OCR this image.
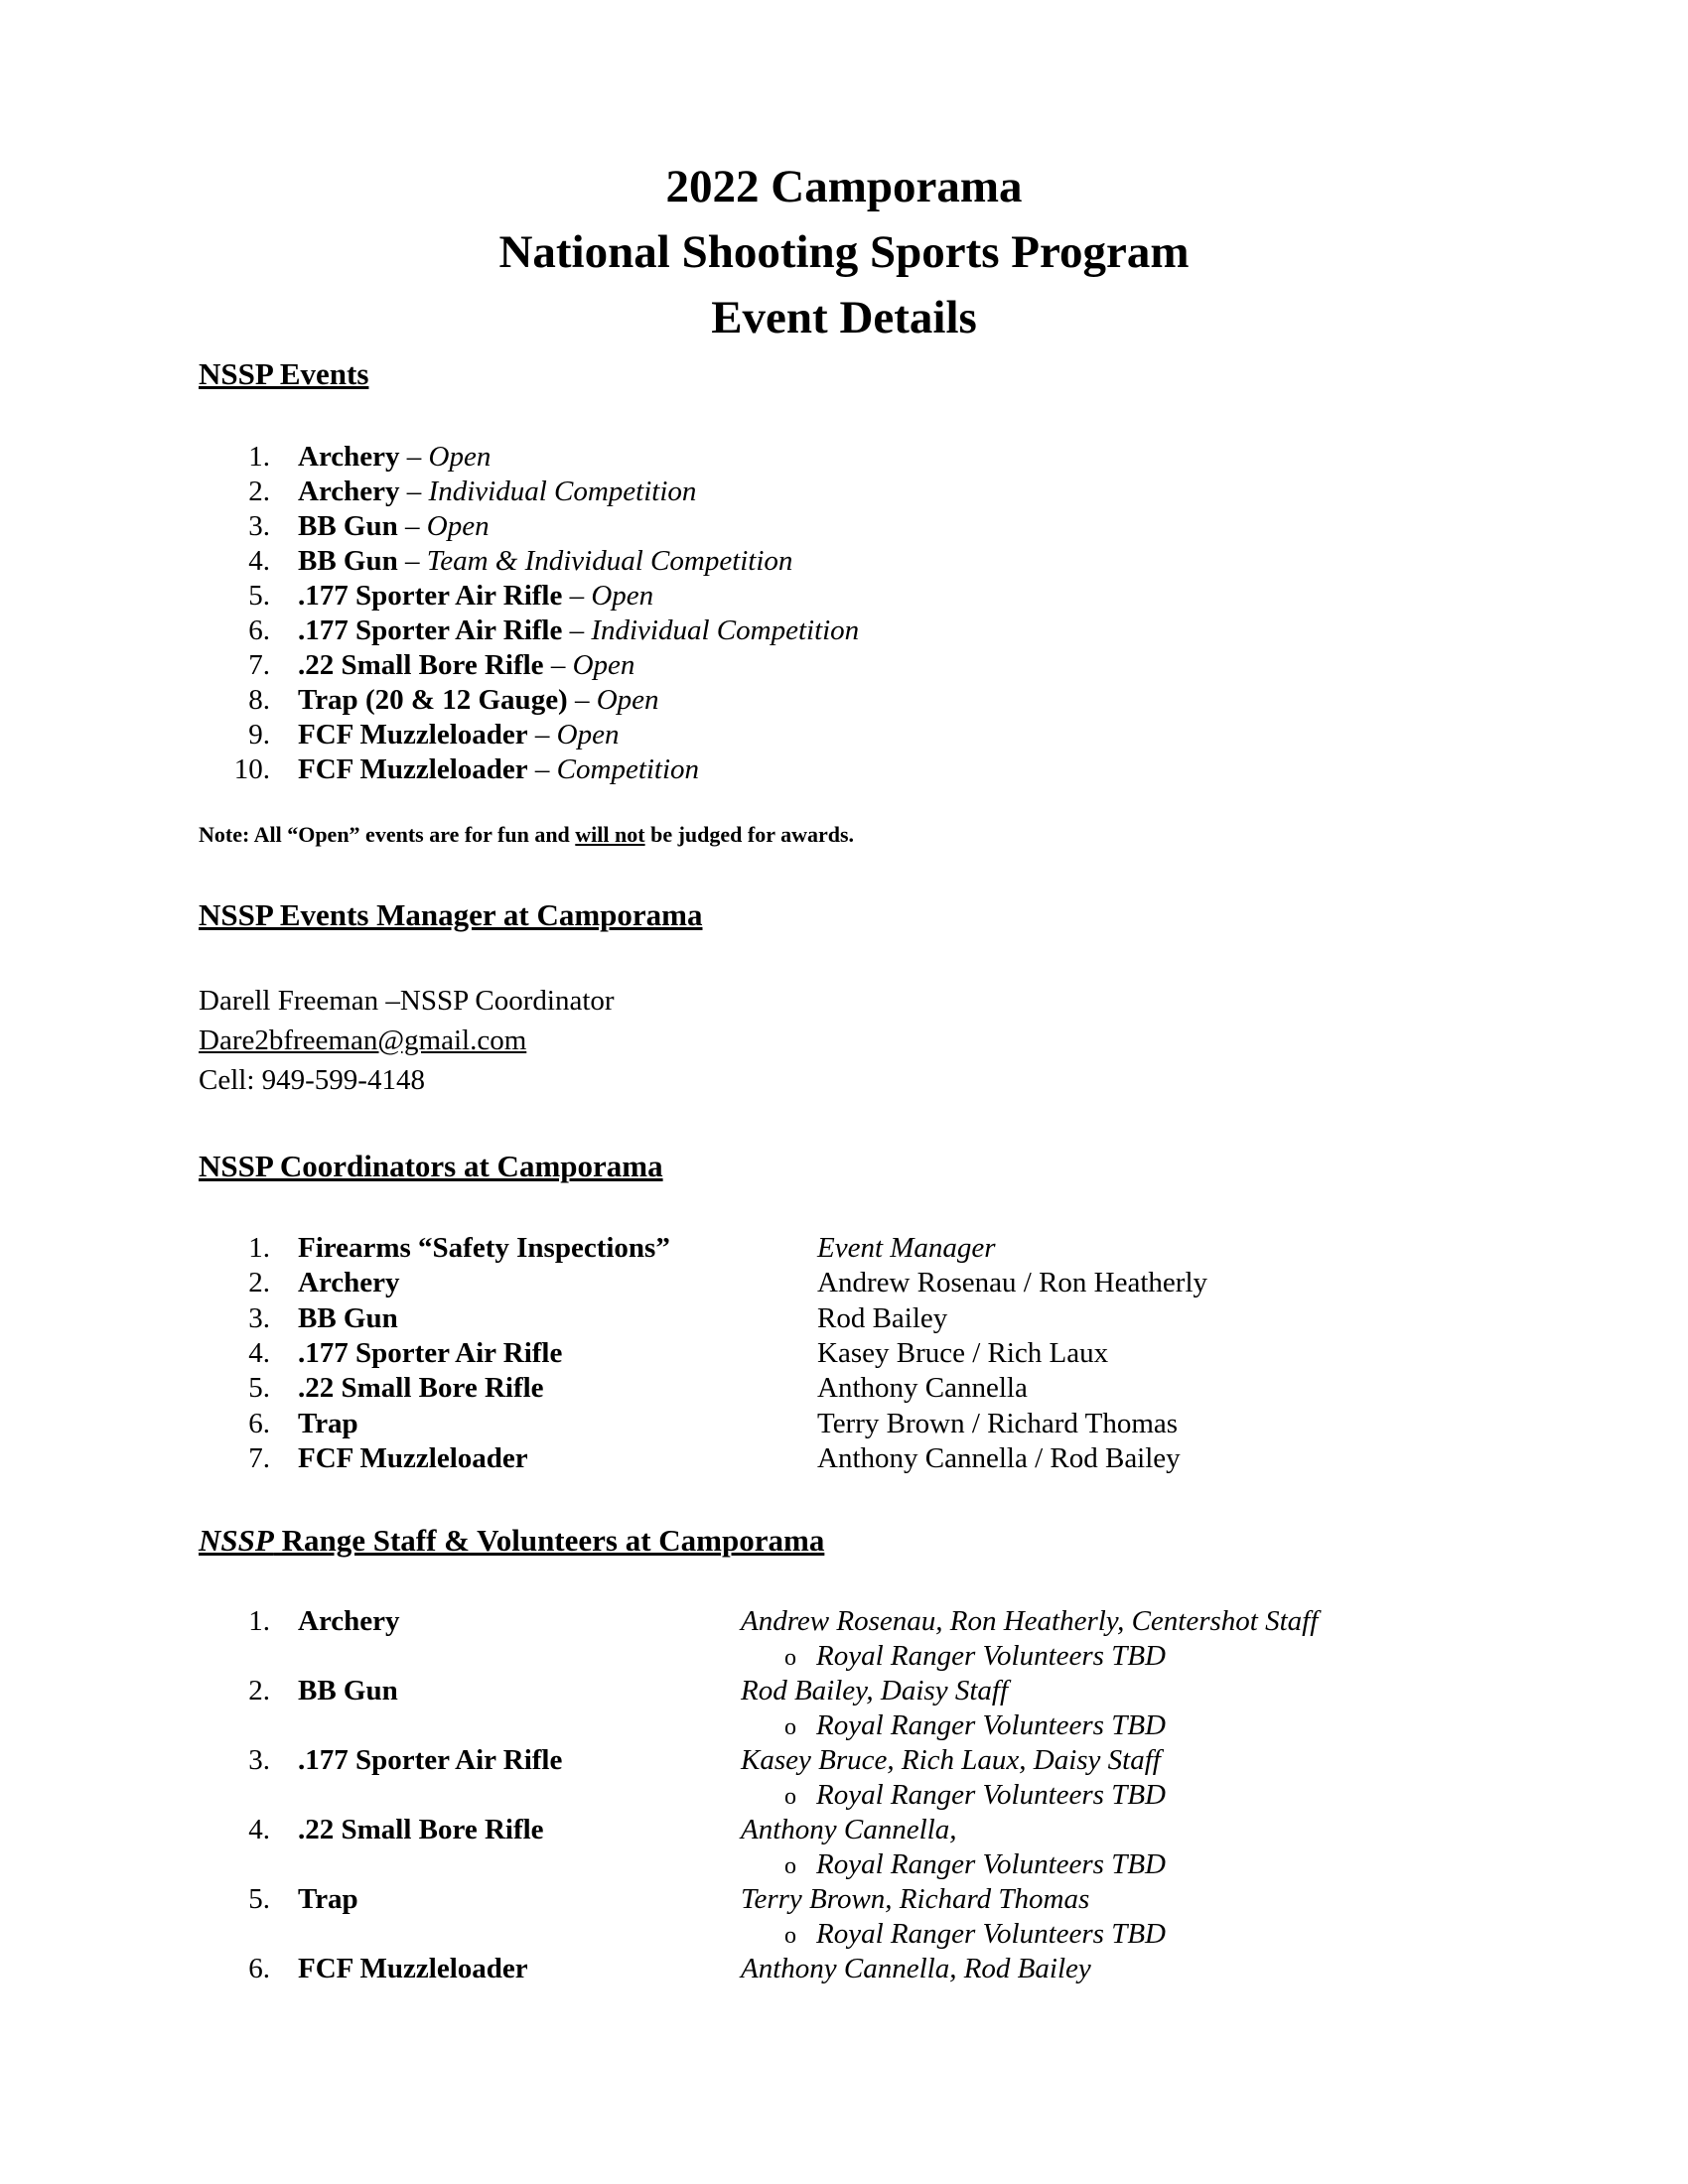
2022 Camporama
National Shooting Sports Program
Event Details
NSSP Events
1. Archery – Open
2. Archery – Individual Competition
3. BB Gun – Open
4. BB Gun – Team & Individual Competition
5. .177 Sporter Air Rifle – Open
6. .177 Sporter Air Rifle – Individual Competition
7. .22 Small Bore Rifle – Open
8. Trap (20 & 12 Gauge) – Open
9. FCF Muzzleloader – Open
10. FCF Muzzleloader – Competition
Note: All “Open” events are for fun and will not be judged for awards.
NSSP Events Manager at Camporama
Darell Freeman –NSSP Coordinator
Dare2bfreeman@gmail.com
Cell: 949-599-4148
NSSP Coordinators at Camporama
1. Firearms “Safety Inspections”	Event Manager
2. Archery	Andrew Rosenau / Ron Heatherly
3. BB Gun	Rod Bailey
4. .177 Sporter Air Rifle	Kasey Bruce / Rich Laux
5. .22 Small Bore Rifle	Anthony Cannella
6. Trap	Terry Brown / Richard Thomas
7. FCF Muzzleloader	Anthony Cannella / Rod Bailey
NSSP Range Staff & Volunteers at Camporama
1. Archery	Andrew Rosenau, Ron Heatherly, Centershot Staff
o Royal Ranger Volunteers TBD
2. BB Gun	Rod Bailey, Daisy Staff
o Royal Ranger Volunteers TBD
3. .177 Sporter Air Rifle	Kasey Bruce, Rich Laux, Daisy Staff
o Royal Ranger Volunteers TBD
4. .22 Small Bore Rifle	Anthony Cannella,
o Royal Ranger Volunteers TBD
5. Trap	Terry Brown, Richard Thomas
o Royal Ranger Volunteers TBD
6. FCF Muzzleloader	Anthony Cannella, Rod Bailey
